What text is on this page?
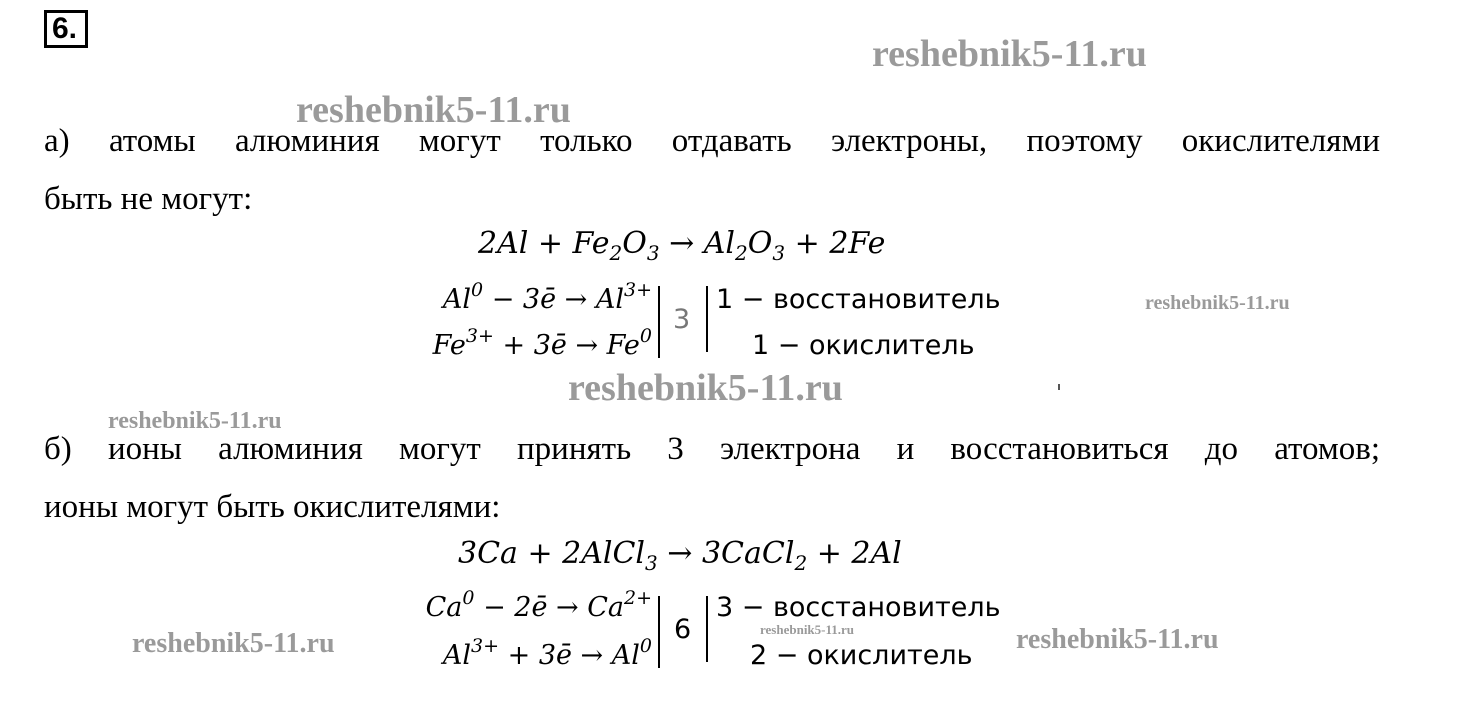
6.
reshebnik5-11.ru
reshebnik5-11.ru
reshebnik5-11.ru
reshebnik5-11.ru
reshebnik5-11.ru
reshebnik5-11.ru	reshebnik5-11.ru	reshebnik5-11.ru
а) атомы алюминия могут только отдавать электроны, поэтому окислителями
быть не могут:
$2Al + Fe_2O_3 \to Al_2O_3 + 2Fe$
$Al^0$ − 3ē → $Al^{3+}$
$Fe^{3+}$ + 3ē → $Fe^0$
3
1 − восстановитель
1 − окислитель
б) ионы алюминия могут принять 3 электрона и восстановиться до атомов;
ионы могут быть окислителями:
3Ca + 2AlCl$_3$ → 3CaCl$_2$ + 2Al
$Ca^0$ − 2ē → $Ca^{2+}$
$Al^{3+}$ + 3ē → $Al^0$
6
3 − восстановитель
2 − окислитель
